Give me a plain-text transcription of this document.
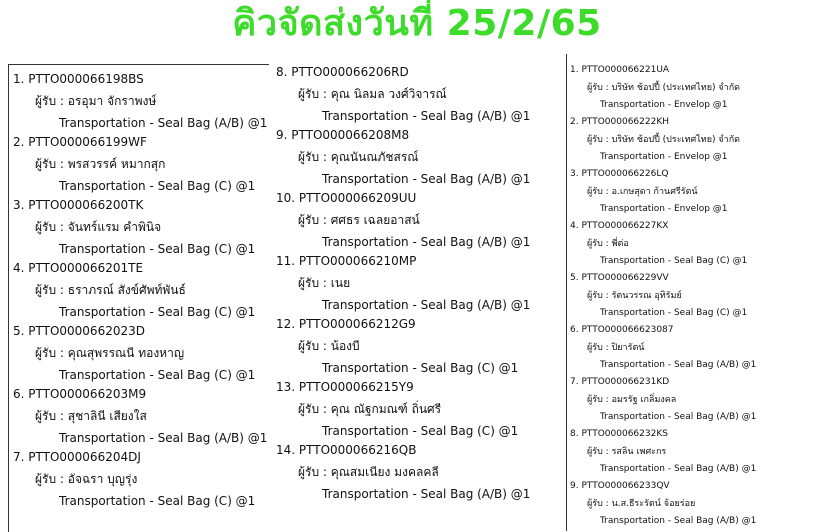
คิวจัดส่งวันที่ 25/2/65
1. PTTO000066198BS
ผู้รับ : อรอุมา จักราพงษ์
Transportation - Seal Bag (A/B) @1
2. PTTO000066199WF
ผู้รับ : พรสวรรค์ หมากสุก
Transportation - Seal Bag (C) @1
3. PTTO000066200TK
ผู้รับ : จันทร์แรม คำพินิจ
Transportation - Seal Bag (C) @1
4. PTTO000066201TE
ผู้รับ : ธราภรณ์ สังข์ศัพท์พันธ์
Transportation - Seal Bag (C) @1
5. PTTO0000662023D
ผู้รับ : คุณสุพรรณนี ทองหาญ
Transportation - Seal Bag (C) @1
6. PTTO000066203M9
ผู้รับ : สุชาลินี เสียงใส
Transportation - Seal Bag (A/B) @1
7. PTTO000066204DJ
ผู้รับ : อัจฉรา บุญรุ่ง
Transportation - Seal Bag (C) @1
8. PTTO000066206RD
ผู้รับ : คุณ นิลมล วงศ์วิจารณ์
Transportation - Seal Bag (A/B) @1
9. PTTO000066208M8
ผู้รับ : คุณนันณภัชสรณ์
Transportation - Seal Bag (A/B) @1
10. PTTO000066209UU
ผู้รับ : ศศธร เฉลยอาสน์
Transportation - Seal Bag (A/B) @1
11. PTTO000066210MP
ผู้รับ : เนย
Transportation - Seal Bag (A/B) @1
12. PTTO000066212G9
ผู้รับ : น้องบี
Transportation - Seal Bag (C) @1
13. PTTO000066215Y9
ผู้รับ : คุณ ณัฐกมณฑ์ ถิ่นศรี
Transportation - Seal Bag (C) @1
14. PTTO000066216QB
ผู้รับ : คุณสมเนียง มงคลคลี
Transportation - Seal Bag (A/B) @1
1. PTTO000066221UA
ผู้รับ : บริษัท ช้อปปี้ (ประเทศไทย) จำกัด
Transportation - Envelop @1
2. PTTO000066222KH
ผู้รับ : บริษัท ช้อปปี้ (ประเทศไทย) จำกัด
Transportation - Envelop @1
3. PTTO000066226LQ
ผู้รับ : อ.เกษสุดา ก้านศรีรัตน์
Transportation - Envelop @1
4. PTTO000066227KX
ผู้รับ : พี่ต่อ
Transportation - Seal Bag (C) @1
5. PTTO000066229VV
ผู้รับ : รัตนวรรณ อุทิรัมย์
Transportation - Seal Bag (C) @1
6. PTTO000066623087
ผู้รับ : ปิยารัตน์
Transportation - Seal Bag (A/B) @1
7. PTTO000066231KD
ผู้รับ : อมรรัฐ เกลิ่มงคล
Transportation - Seal Bag (A/B) @1
8. PTTO000066232KS
ผู้รับ : รสลิน เพศะกร
Transportation - Seal Bag (A/B) @1
9. PTTO000066233QV
ผู้รับ : น.ส.ธีระรัตน์ จ้อยร่อย
Transportation - Seal Bag (A/B) @1
